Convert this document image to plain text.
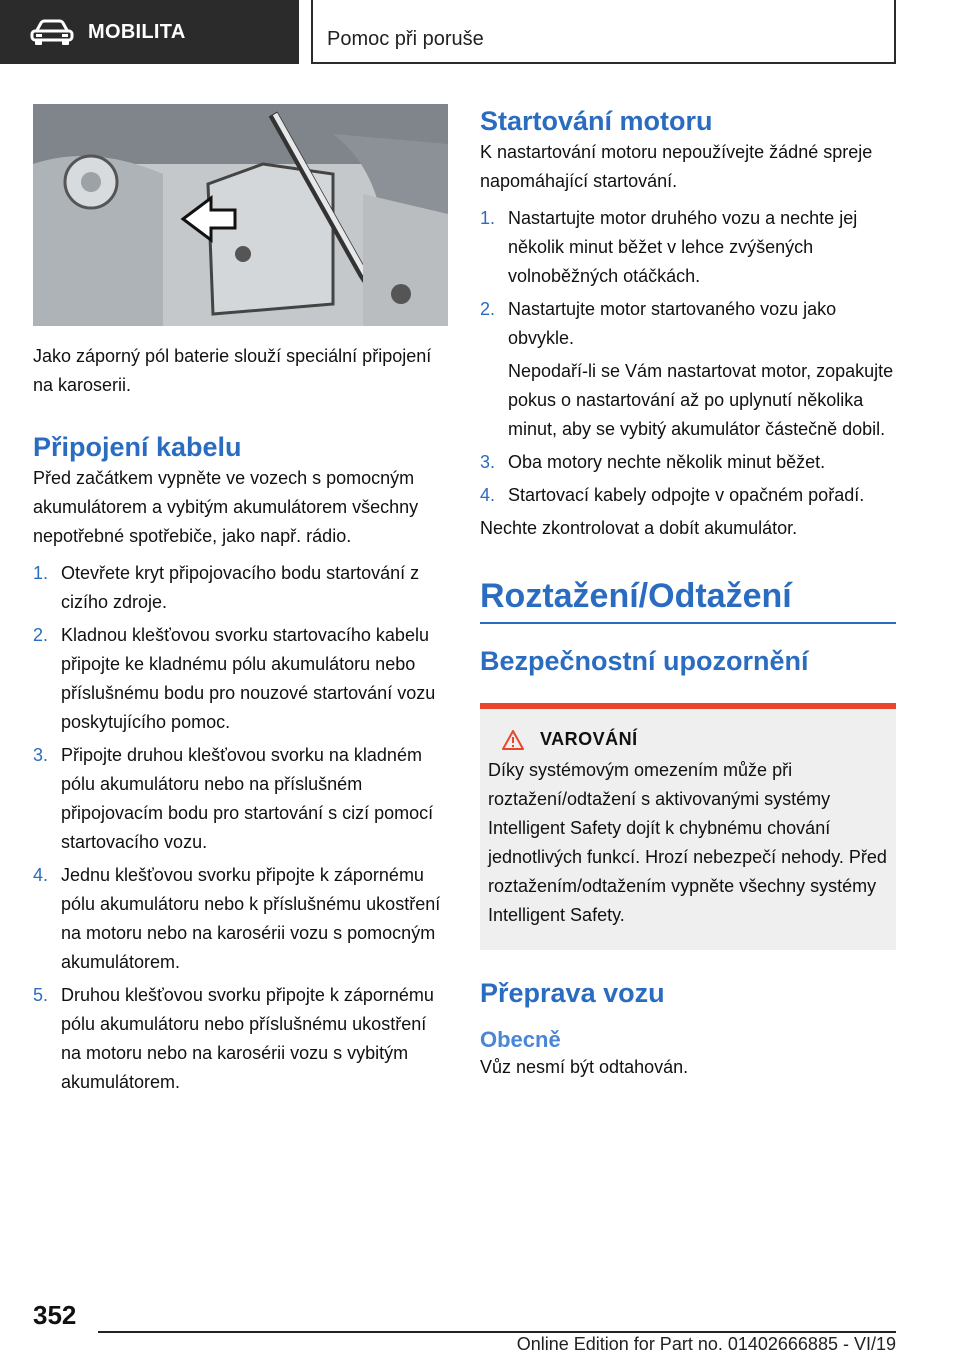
MOBILITA	Pomoc při poruše

Jako záporný pól baterie slouží speciální připojení na karoserii.

Připojení kabelu

Před začátkem vypněte ve vozech s pomocným akumulátorem a vybitým akumulátorem všechny nepotřebné spotřebiče, jako např. rádio.

1. Otevřete kryt připojovacího bodu startování z cizího zdroje.
2. Kladnou klešťovou svorku startovacího kabelu připojte ke kladnému pólu akumulátoru nebo příslušnému bodu pro nouzové startování vozu poskytujícího pomoc.
3. Připojte druhou klešťovou svorku na kladném pólu akumulátoru nebo na příslušném připojovacím bodu pro startování s cizí pomocí startovacího vozu.
4. Jednu klešťovou svorku připojte k zápornému pólu akumulátoru nebo k příslušnému ukostření na motoru nebo na karosérii vozu s pomocným akumulátorem.
5. Druhou klešťovou svorku připojte k zápornému pólu akumulátoru nebo příslušnému ukostření na motoru nebo na karosérii vozu s vybitým akumulátorem.
Startování motoru

K nastartování motoru nepoužívejte žádné spreje napomáhající startování.

1. Nastartujte motor druhého vozu a nechte jej několik minut běžet v lehce zvýšených volnoběžných otáčkách.
2. Nastartujte motor startovaného vozu jako obvykle.
Nepodaří-li se Vám nastartovat motor, zopakujte pokus o nastartování až po uplynutí několika minut, aby se vybitý akumulátor částečně dobil.
3. Oba motory nechte několik minut běžet.
4. Startovací kabely odpojte v opačném pořadí.

Nechte zkontrolovat a dobít akumulátor.

Roztažení/Odtažení
Bezpečnostní upozornění
VAROVÁNÍ

Díky systémovým omezením může při roztažení/odtažení s aktivovanými systémy Intelligent Safety dojít k chybnému chování jednotlivých funkcí. Hrozí nebezpečí nehody. Před roztažením/odtažením vypněte všechny systémy Intelligent Safety.

Přeprava vozu
Obecně

Vůz nesmí být odtahován.

352
Online Edition for Part no. 01402666885 - VI/19
